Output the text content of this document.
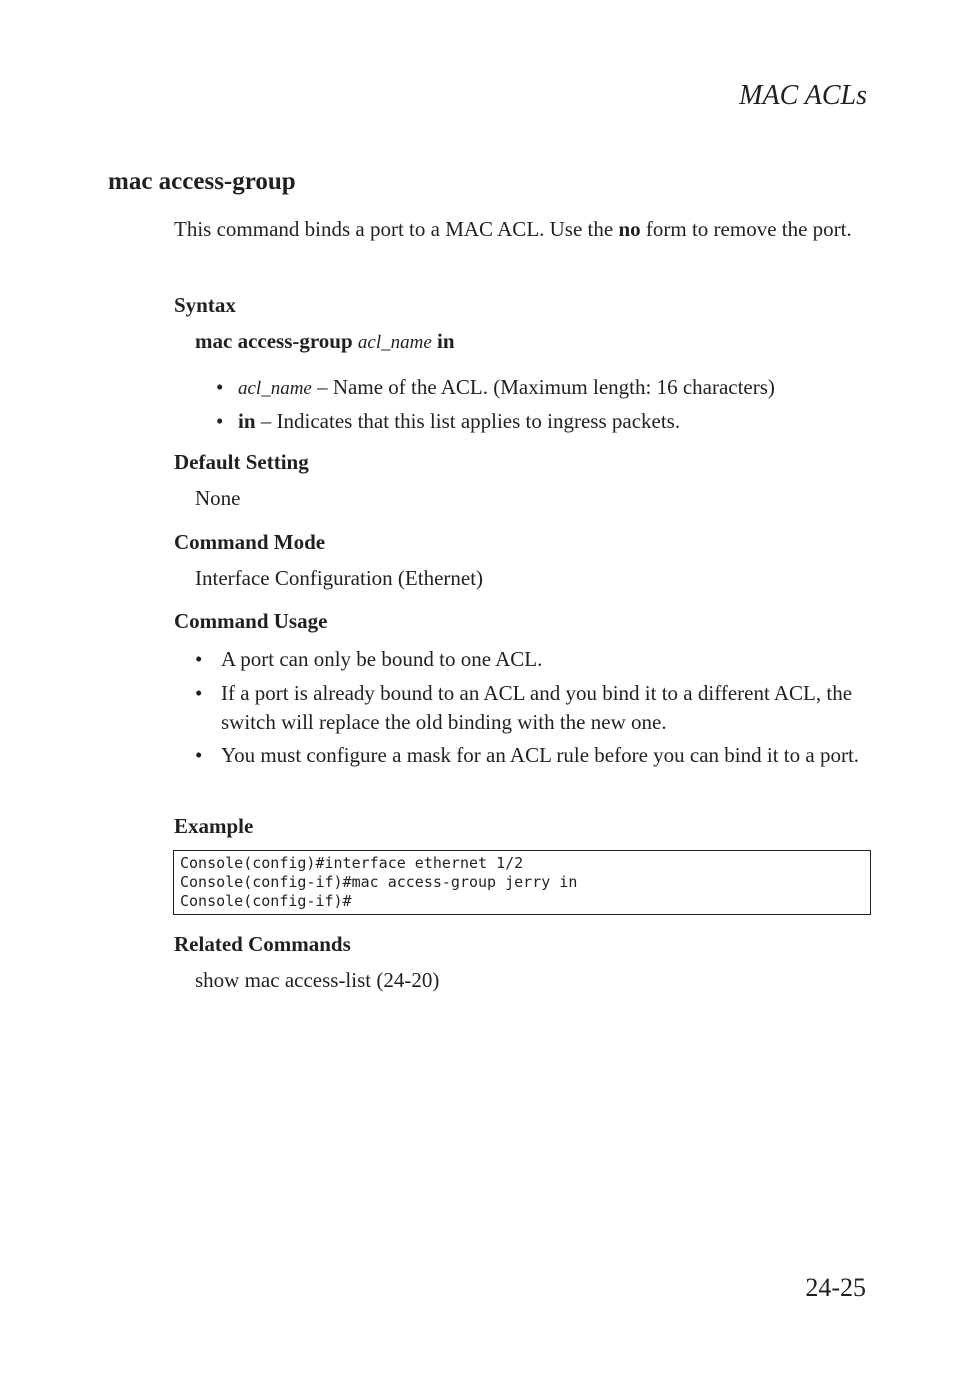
MAC ACLs
mac access-group

This command binds a port to a MAC ACL. Use the no form to remove the port.

Syntax

mac access-group acl_name in

• acl_name – Name of the ACL. (Maximum length: 16 characters)
• in – Indicates that this list applies to ingress packets.
Default Setting

None

Command Mode

Interface Configuration (Ethernet)

Command Usage
• A port can only be bound to one ACL.
• If a port is already bound to an ACL and you bind it to a different ACL, the switch will replace the old binding with the new one.
• You must configure a mask for an ACL rule before you can bind it to a port.
Example
Console(config)#interface ethernet 1/2
Console(config-if)#mac access-group jerry in
Console(config-if)#
Related Commands

show mac access-list (24-20)

24-25
